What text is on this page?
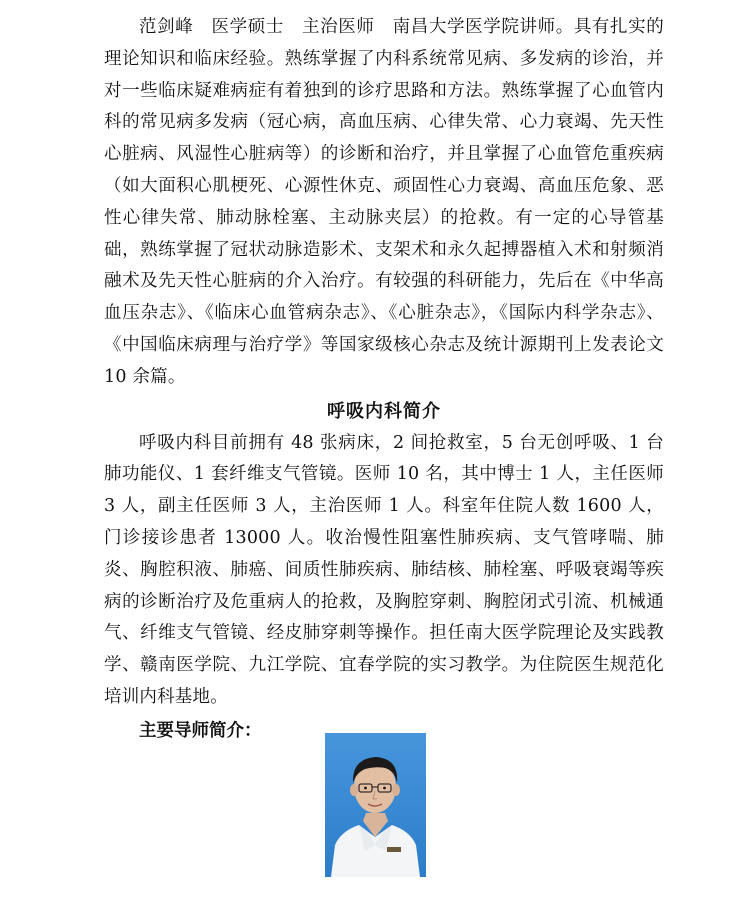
范剑峰　医学硕士　主治医师　南昌大学医学院讲师。具有扎实的理论知识和临床经验。熟练掌握了内科系统常见病、多发病的诊治，并对一些临床疑难病症有着独到的诊疗思路和方法。熟练掌握了心血管内科的常见病多发病（冠心病，高血压病、心律失常、心力衰竭、先天性心脏病、风湿性心脏病等）的诊断和治疗，并且掌握了心血管危重疾病（如大面积心肌梗死、心源性休克、顽固性心力衰竭、高血压危象、恶性心律失常、肺动脉栓塞、主动脉夹层）的抢救。有一定的心导管基础，熟练掌握了冠状动脉造影术、支架术和永久起搏器植入术和射频消融术及先天性心脏病的介入治疗。有较强的科研能力，先后在《中华高血压杂志》、《临床心血管病杂志》、《心脏杂志》，《国际内科学杂志》、《中国临床病理与治疗学》等国家级核心杂志及统计源期刊上发表论文 10 余篇。

呼吸内科简介

呼吸内科目前拥有 48 张病床，2 间抢救室，5 台无创呼吸、1 台肺功能仪、1 套纤维支气管镜。医师 10 名，其中博士 1 人，主任医师 3 人，副主任医师 3 人，主治医师 1 人。科室年住院人数 1600 人，门诊接诊患者 13000 人。收治慢性阻塞性肺疾病、支气管哮喘、肺炎、胸腔积液、肺癌、间质性肺疾病、肺结核、肺栓塞、呼吸衰竭等疾病的诊断治疗及危重病人的抢救，及胸腔穿刺、胸腔闭式引流、机械通气、纤维支气管镜、经皮肺穿刺等操作。担任南大医学院理论及实践教学、赣南医学院、九江学院、宜春学院的实习教学。为住院医生规范化培训内科基地。

主要导师简介：
